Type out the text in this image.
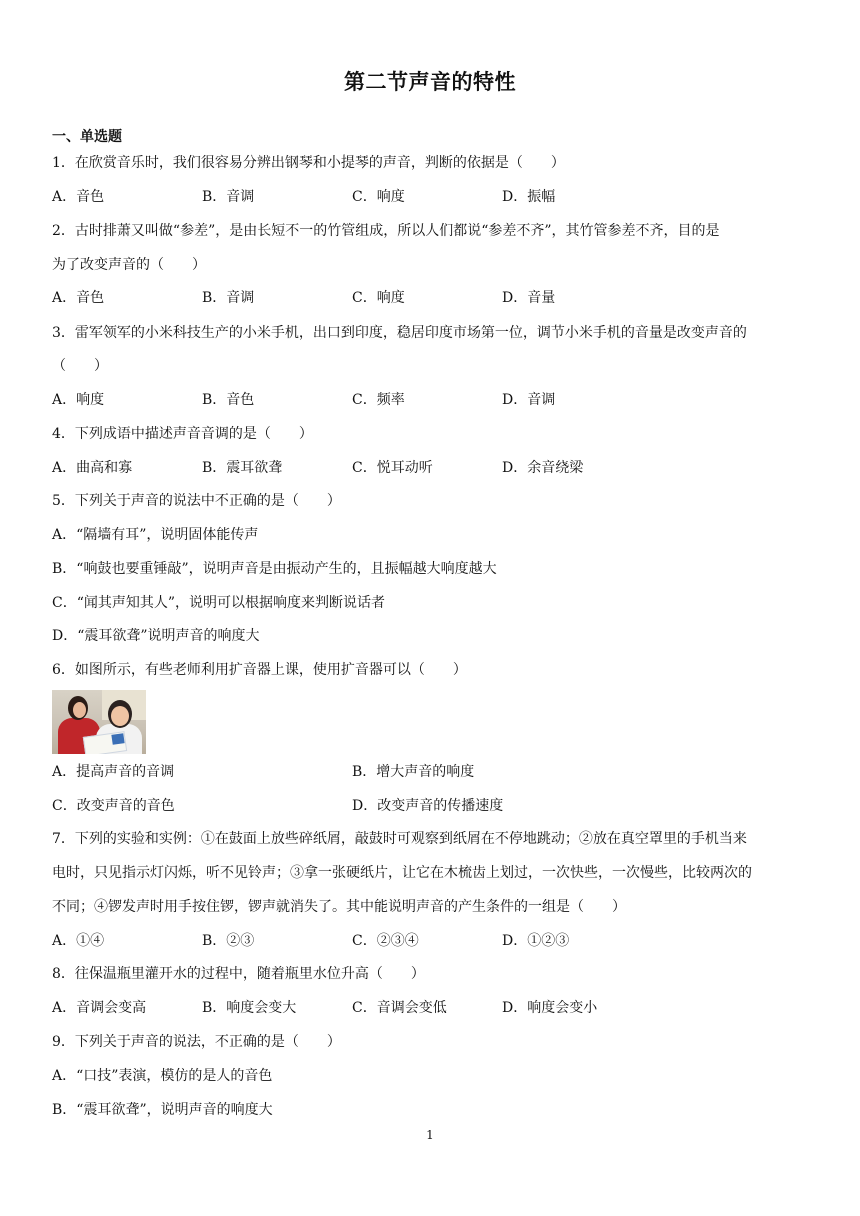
第二节声音的特性
一、单选题
1．在欣赏音乐时，我们很容易分辨出钢琴和小提琴的声音，判断的依据是（　　）
A．音色	B．音调	C．响度	D．振幅
2．古时排萧又叫做“参差”，是由长短不一的竹管组成，所以人们都说“参差不齐”，其竹管参差不齐，目的是
为了改变声音的（　　）
A．音色	B．音调	C．响度	D．音量
3．雷军领军的小米科技生产的小米手机，出口到印度，稳居印度市场第一位，调节小米手机的音量是改变声音的
（　　）
A．响度	B．音色	C．频率	D．音调
4．下列成语中描述声音音调的是（　　）
A．曲高和寡	B．震耳欲聋	C．悦耳动听	D．余音绕梁
5．下列关于声音的说法中不正确的是（　　）
A．“隔墙有耳”，说明固体能传声
B．“响鼓也要重锤敲”，说明声音是由振动产生的，且振幅越大响度越大
C．“闻其声知其人”，说明可以根据响度来判断说话者
D．“震耳欲聋”说明声音的响度大
6．如图所示，有些老师利用扩音器上课，使用扩音器可以（　　）
A．提高声音的音调	B．增大声音的响度
C．改变声音的音色	D．改变声音的传播速度
7．下列的实验和实例：①在鼓面上放些碎纸屑，敲鼓时可观察到纸屑在不停地跳动；②放在真空罩里的手机当来
电时，只见指示灯闪烁，听不见铃声；③拿一张硬纸片，让它在木梳齿上划过，一次快些，一次慢些，比较两次的
不同；④锣发声时用手按住锣，锣声就消失了。其中能说明声音的产生条件的一组是（　　）
A．①④	B．②③	C．②③④	D．①②③
8．往保温瓶里灌开水的过程中，随着瓶里水位升高（　　）
A．音调会变高	B．响度会变大	C．音调会变低	D．响度会变小
9．下列关于声音的说法，不正确的是（　　）
A．“口技”表演，模仿的是人的音色
B．“震耳欲聋”，说明声音的响度大
1
